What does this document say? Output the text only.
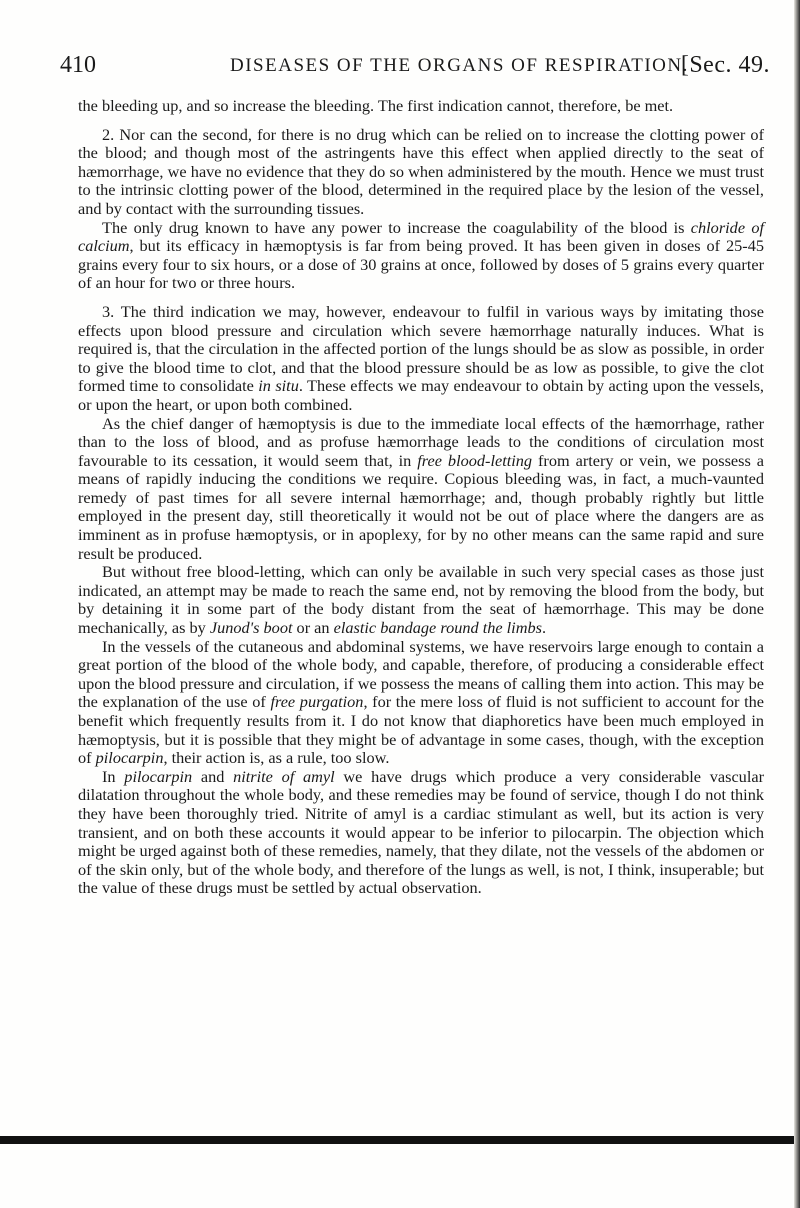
410	DISEASES OF THE ORGANS OF RESPIRATION.
[Sec. 49.

the bleeding up, and so increase the bleeding. The first indication cannot, therefore, be met.

2. Nor can the second, for there is no drug which can be relied on to increase the clotting power of the blood; and though most of the astringents have this effect when applied directly to the seat of hæmorrhage, we have no evidence that they do so when administered by the mouth. Hence we must trust to the intrinsic clotting power of the blood, determined in the required place by the lesion of the vessel, and by contact with the surrounding tissues.

The only drug known to have any power to increase the coagulability of the blood is chloride of calcium, but its efficacy in hæmoptysis is far from being proved. It has been given in doses of 25-45 grains every four to six hours, or a dose of 30 grains at once, followed by doses of 5 grains every quarter of an hour for two or three hours.

3. The third indication we may, however, endeavour to fulfil in various ways by imitating those effects upon blood pressure and circulation which severe hæmorrhage naturally induces. What is required is, that the circulation in the affected portion of the lungs should be as slow as possible, in order to give the blood time to clot, and that the blood pressure should be as low as possible, to give the clot formed time to consolidate in situ. These effects we may endeavour to obtain by acting upon the vessels, or upon the heart, or upon both combined.

As the chief danger of hæmoptysis is due to the immediate local effects of the hæmorrhage, rather than to the loss of blood, and as profuse hæmorrhage leads to the conditions of circulation most favourable to its cessation, it would seem that, in free blood-letting from artery or vein, we possess a means of rapidly inducing the conditions we require. Copious bleeding was, in fact, a much-vaunted remedy of past times for all severe internal hæmorrhage; and, though probably rightly but little employed in the present day, still theoretically it would not be out of place where the dangers are as imminent as in profuse hæmoptysis, or in apoplexy, for by no other means can the same rapid and sure result be produced.

But without free blood-letting, which can only be available in such very special cases as those just indicated, an attempt may be made to reach the same end, not by removing the blood from the body, but by detaining it in some part of the body distant from the seat of hæmorrhage. This may be done mechanically, as by Junod's boot or an elastic bandage round the limbs.

In the vessels of the cutaneous and abdominal systems, we have reservoirs large enough to contain a great portion of the blood of the whole body, and capable, therefore, of producing a considerable effect upon the blood pressure and circulation, if we possess the means of calling them into action. This may be the explanation of the use of free purgation, for the mere loss of fluid is not sufficient to account for the benefit which frequently results from it. I do not know that diaphoretics have been much employed in hæmoptysis, but it is possible that they might be of advantage in some cases, though, with the exception of pilocarpin, their action is, as a rule, too slow.

In pilocarpin and nitrite of amyl we have drugs which produce a very considerable vascular dilatation throughout the whole body, and these remedies may be found of service, though I do not think they have been thoroughly tried. Nitrite of amyl is a cardiac stimulant as well, but its action is very transient, and on both these accounts it would appear to be inferior to pilocarpin. The objection which might be urged against both of these remedies, namely, that they dilate, not the vessels of the abdomen or of the skin only, but of the whole body, and therefore of the lungs as well, is not, I think, insuperable; but the value of these drugs must be settled by actual observation.
